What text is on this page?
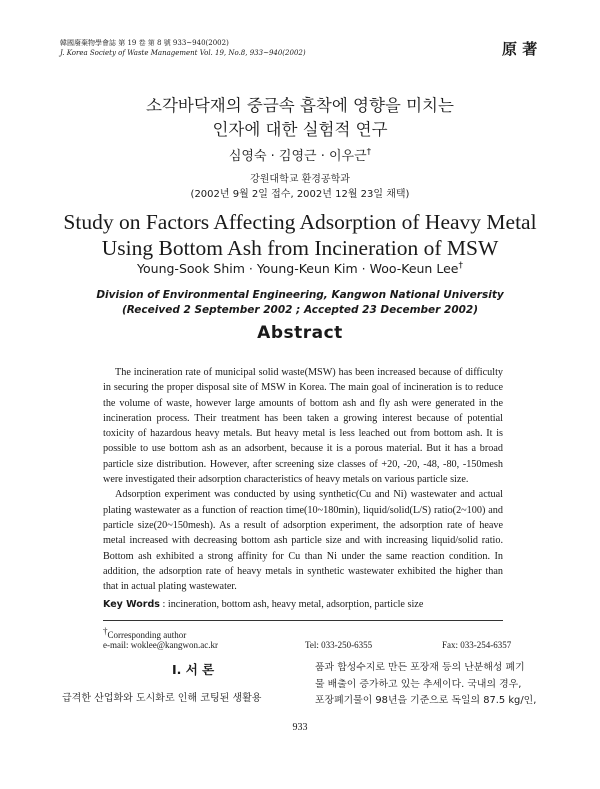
韓國廢棄物學會誌 第 19 卷 第 8 號 933~940(2002)
J. Korea Society of Waste Management Vol. 19, No.8, 933~940(2002)	原 著
소각바닥재의 중금속 흡착에 영향을 미치는
인자에 대한 실험적 연구
심영숙 · 김영근 · 이우근†
강원대학교 환경공학과
(2002년 9월 2일 접수, 2002년 12월 23일 채택)
Study on Factors Affecting Adsorption of Heavy Metal
Using Bottom Ash from Incineration of MSW
Young-Sook Shim · Young-Keun Kim · Woo-Keun Lee†
Division of Environmental Engineering, Kangwon National University
(Received 2 September 2002 ; Accepted 23 December 2002)
Abstract

The incineration rate of municipal solid waste(MSW) has been increased because of difficulty in securing the proper disposal site of MSW in Korea. The main goal of incineration is to reduce the volume of waste, however large amounts of bottom ash and fly ash were generated in the incineration process. Their treatment has been taken a growing interest because of potential toxicity of hazardous heavy metals. But heavy metal is less leached out from bottom ash. It is possible to use bottom ash as an adsorbent, because it is a porous material. But it has a broad particle size distribution. However, after screening size classes of +20, -20, -48, -80, -150mesh were investigated their adsorption characteristics of heavy metals on various particle size.

Adsorption experiment was conducted by using synthetic(Cu and Ni) wastewater and actual plating wastewater as a function of reaction time(10~180min), liquid/solid(L/S) ratio(2~100) and particle size(20~150mesh). As a result of adsorption experiment, the adsorption rate of heave metal increased with decreasing bottom ash particle size and with increasing liquid/solid ratio. Bottom ash exhibited a strong affinity for Cu than Ni under the same reaction condition. In addition, the adsorption rate of heavy metals in synthetic wastewater exhibited the higher than that in actual plating wastewater.

Key Words : incineration, bottom ash, heavy metal, adsorption, particle size
†Corresponding author
e-mail: woklee@kangwon.ac.kr	Tel: 033-250-6355	Fax: 033-254-6357
Ⅰ. 서 론
급격한 산업화와 도시화로 인해 코팅된 생활용
품과 합성수지로 만든 포장재 등의 난분해성 폐기
물 배출이 증가하고 있는 추세이다. 국내의 경우,
포장폐기물이 98년을 기준으로 독일의 87.5 kg/인,
933
